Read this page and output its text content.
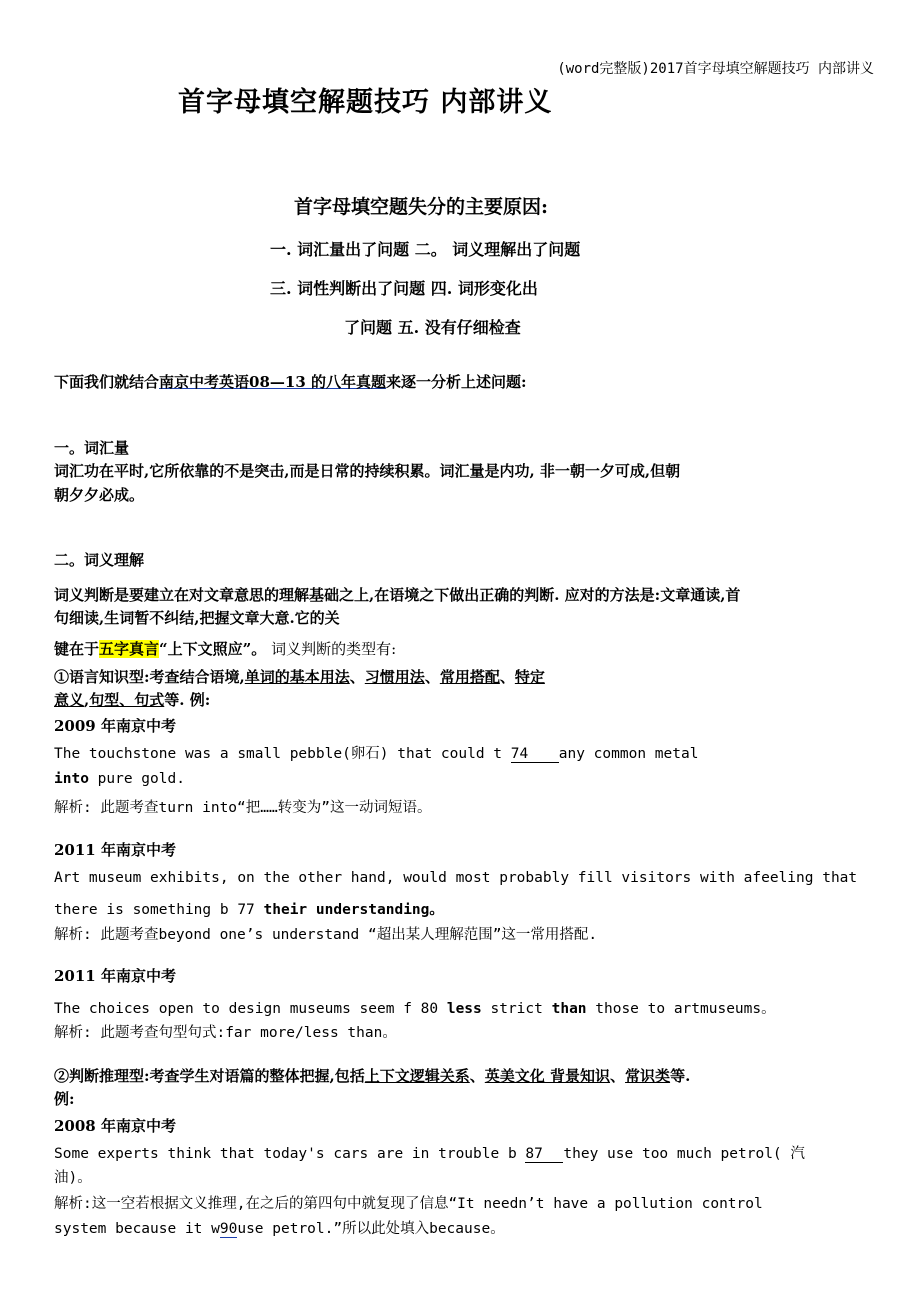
(word完整版)2017首字母填空解题技巧 内部讲义
首字母填空解题技巧 内部讲义
首字母填空题失分的主要原因:
一. 词汇量出了问题 二。 词义理解出了问题
三. 词性判断出了问题 四. 词形变化出
了问题 五. 没有仔细检查
下面我们就结合南京中考英语08—13 的八年真题来逐一分析上述问题:
一。词汇量
词汇功在平时,它所依靠的不是突击,而是日常的持续积累。词汇量是内功, 非一朝一夕可成,但朝
朝夕夕必成。
二。词义理解
词义判断是要建立在对文章意思的理解基础之上,在语境之下做出正确的判断. 应对的方法是:文章通读,首
句细读,生词暂不纠结,把握文章大意.它的关
键在于五字真言“上下文照应”。 词义判断的类型有:
①语言知识型:考查结合语境,单词的基本用法、习惯用法、常用搭配、特定
意义,句型、句式等. 例:
2009 年南京中考
The touchstone was a small pebble(卵石) that could t 74 any common metal
into pure gold.
解析: 此题考查turn into“把……转变为”这一动词短语。
2011 年南京中考
Art museum exhibits, on the other hand, would most probably fill visitors with afeeling that
there is something b 77 their understanding。
解析: 此题考查beyond one’s understand “超出某人理解范围”这一常用搭配.
2011 年南京中考
The choices open to design museums seem f 80 less strict than those to artmuseums。
解析: 此题考查句型句式:far more/less than。
②判断推理型:考查学生对语篇的整体把握,包括上下文逻辑关系、英美文化 背景知识、常识类等.
例:
2008 年南京中考
Some experts think that today's cars are in trouble b 87 they use too much petrol( 汽
油)。
解析:这一空若根据文义推理,在之后的第四句中就复现了信息“It needn’t have a pollution control
system because it w90use petrol.”所以此处填入because。
